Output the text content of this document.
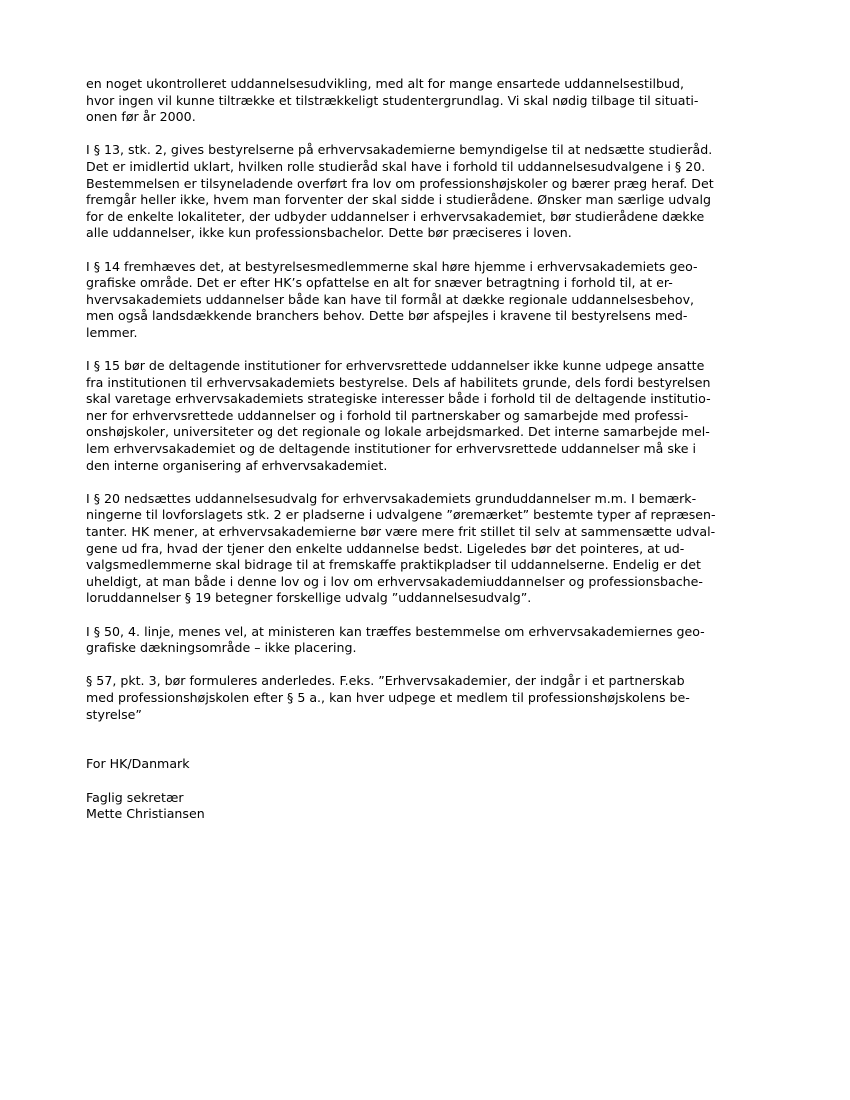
en noget ukontrolleret uddannelsesudvikling, med alt for mange ensartede uddannelsestilbud,
hvor ingen vil kunne tiltrække et tilstrækkeligt studentergrundlag. Vi skal nødig tilbage til situati-
onen før år 2000.

I § 13, stk. 2, gives bestyrelserne på erhvervsakademierne bemyndigelse til at nedsætte studieråd.
Det er imidlertid uklart, hvilken rolle studieråd skal have i forhold til uddannelsesudvalgene i § 20.
Bestemmelsen er tilsyneladende overført fra lov om professionshøjskoler og bærer præg heraf. Det
fremgår heller ikke, hvem man forventer der skal sidde i studierådene. Ønsker man særlige udvalg
for de enkelte lokaliteter, der udbyder uddannelser i erhvervsakademiet, bør studierådene dække
alle uddannelser, ikke kun professionsbachelor. Dette bør præciseres i loven.

I § 14 fremhæves det, at bestyrelsesmedlemmerne skal høre hjemme i erhvervsakademiets geo-
grafiske område. Det er efter HK’s opfattelse en alt for snæver betragtning i forhold til, at er-
hvervsakademiets uddannelser både kan have til formål at dække regionale uddannelsesbehov,
men også landsdækkende branchers behov. Dette bør afspejles i kravene til bestyrelsens med-
lemmer.

I § 15 bør de deltagende institutioner for erhvervsrettede uddannelser ikke kunne udpege ansatte
fra institutionen til erhvervsakademiets bestyrelse. Dels af habilitets grunde, dels fordi bestyrelsen
skal varetage erhvervsakademiets strategiske interesser både i forhold til de deltagende institutio-
ner for erhvervsrettede uddannelser og i forhold til partnerskaber og samarbejde med professi-
onshøjskoler, universiteter og det regionale og lokale arbejdsmarked. Det interne samarbejde mel-
lem erhvervsakademiet og de deltagende institutioner for erhvervsrettede uddannelser må ske i
den interne organisering af erhvervsakademiet.

I § 20 nedsættes uddannelsesudvalg for erhvervsakademiets grunduddannelser m.m. I bemærk-
ningerne til lovforslagets stk. 2 er pladserne i udvalgene ”øremærket” bestemte typer af repræsen-
tanter. HK mener, at erhvervsakademierne bør være mere frit stillet til selv at sammensætte udval-
gene ud fra, hvad der tjener den enkelte uddannelse bedst. Ligeledes bør det pointeres, at ud-
valgsmedlemmerne skal bidrage til at fremskaffe praktikpladser til uddannelserne. Endelig er det
uheldigt, at man både i denne lov og i lov om erhvervsakademiuddannelser og professionsbache-
loruddannelser § 19 betegner forskellige udvalg ”uddannelsesudvalg”.

I § 50, 4. linje, menes vel, at ministeren kan træffes bestemmelse om erhvervsakademiernes geo-
grafiske dækningsområde – ikke placering.

§ 57, pkt. 3, bør formuleres anderledes. F.eks. ”Erhvervsakademier, der indgår i et partnerskab
med professionshøjskolen efter § 5 a., kan hver udpege et medlem til professionshøjskolens be-
styrelse”

For HK/Danmark

Faglig sekretær
Mette Christiansen
